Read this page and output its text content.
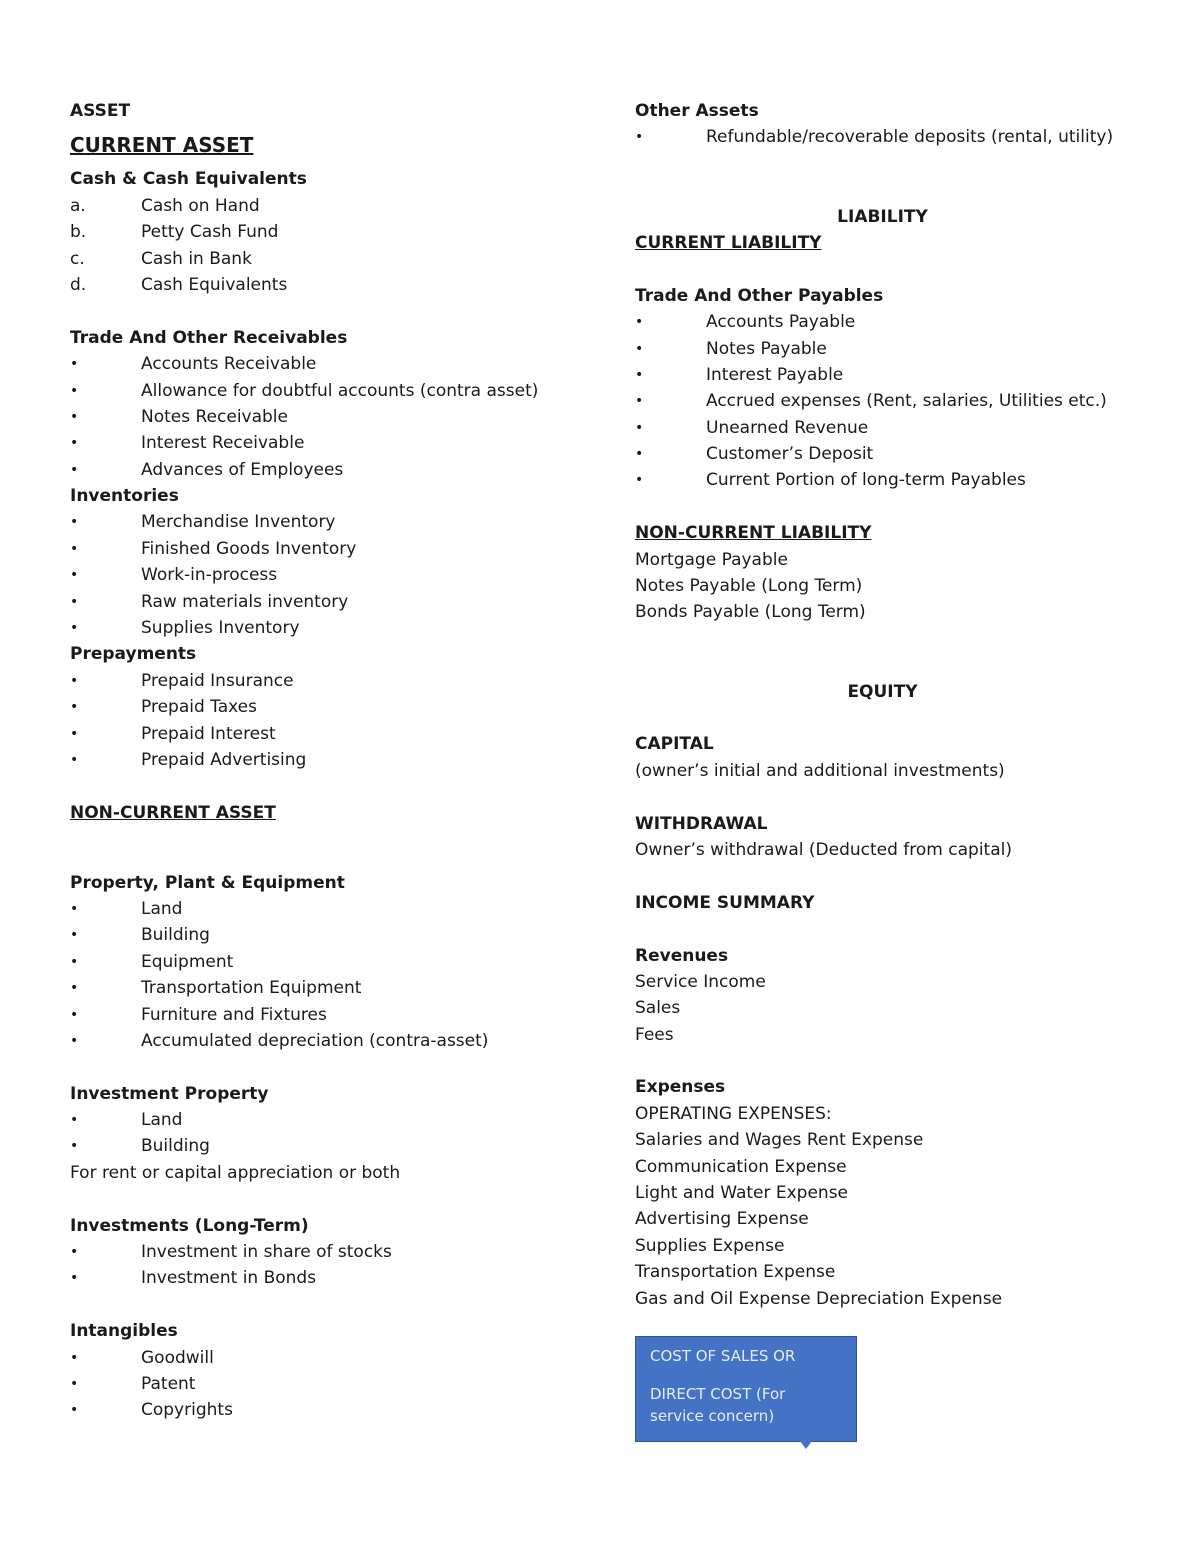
ASSET
CURRENT ASSET
Cash & Cash Equivalents
a.	Cash on Hand
b.	Petty Cash Fund
c.	Cash in Bank
d.	Cash Equivalents
Trade And Other Receivables
•	Accounts Receivable
•	Allowance for doubtful accounts (contra asset)
•	Notes Receivable
•	Interest Receivable
•	Advances of Employees
Inventories
•	Merchandise Inventory
•	Finished Goods Inventory
•	Work-in-process
•	Raw materials inventory
•	Supplies Inventory
Prepayments
•	Prepaid Insurance
•	Prepaid Taxes
•	Prepaid Interest
•	Prepaid Advertising
NON-CURRENT ASSET
Property, Plant & Equipment
•	Land
•	Building
•	Equipment
•	Transportation Equipment
•	Furniture and Fixtures
•	Accumulated depreciation (contra-asset)
Investment Property
•	Land
•	Building
For rent or capital appreciation or both
Investments (Long-Term)
•	Investment in share of stocks
•	Investment in Bonds
Intangibles
•	Goodwill
•	Patent
•	Copyrights
Other Assets
•	Refundable/recoverable deposits (rental, utility)
LIABILITY
CURRENT LIABILITY
Trade And Other Payables
•	Accounts Payable
•	Notes Payable
•	Interest Payable
•	Accrued expenses (Rent, salaries, Utilities etc.)
•	Unearned Revenue
•	Customer’s Deposit
•	Current Portion of long-term Payables
NON-CURRENT LIABILITY
Mortgage Payable
Notes Payable (Long Term)
Bonds Payable (Long Term)
EQUITY
CAPITAL
(owner’s initial and additional investments)
WITHDRAWAL
Owner’s withdrawal (Deducted from capital)
INCOME SUMMARY
Revenues
Service Income
Sales
Fees
Expenses
OPERATING EXPENSES:
Salaries and Wages Rent Expense
Communication Expense
Light and Water Expense
Advertising Expense
Supplies Expense
Transportation Expense
Gas and Oil Expense Depreciation Expense
COST OF SALES OR
DIRECT COST (For service concern)
